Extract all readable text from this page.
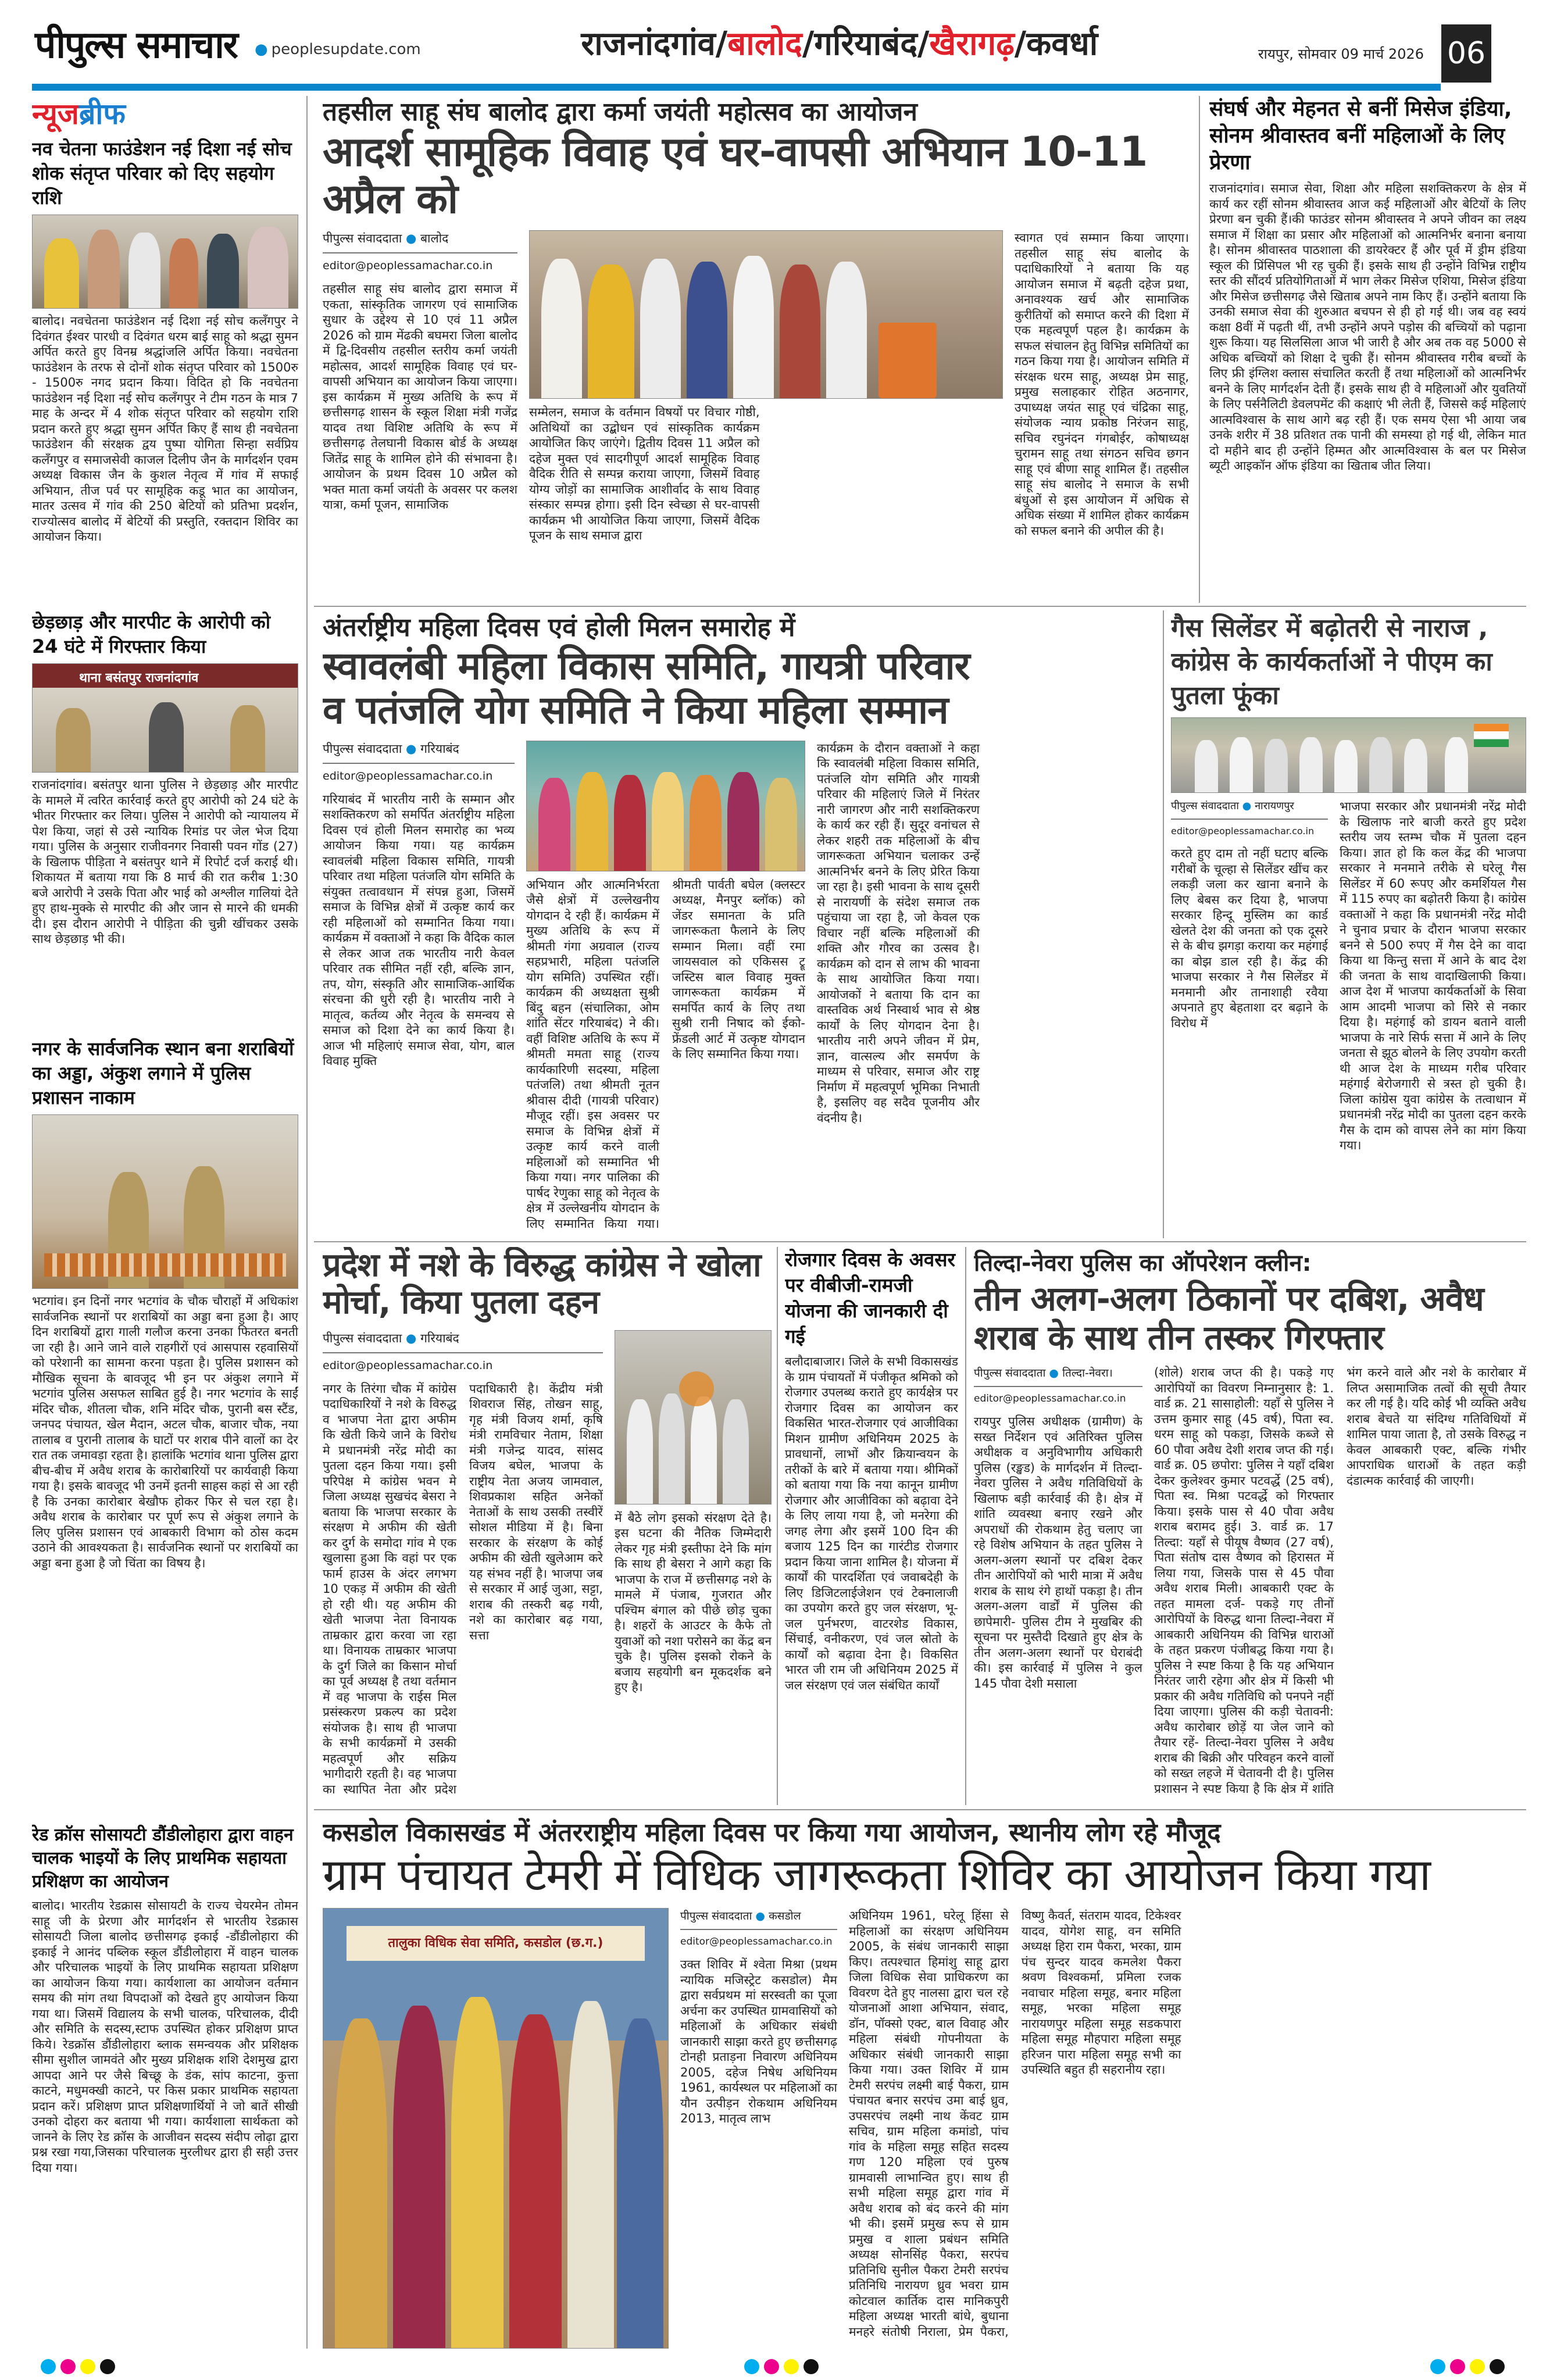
पीपुल्स समाचार ● peoplesupdate.com	राजनांदगांव/बालोद/गरियाबंद/खैरागढ़/कवर्धा	रायपुर, सोमवार 09 मार्च 2026 06
न्यूजब्रीफ
नव चेतना फाउंडेशन नई दिशा नई सोच शोक संतृप्त परिवार को दिए सहयोग राशि
बालोद। नवचेतना फाउंडेशन नई दिशा नई सोच कलँगपुर ने दिवंगत ईश्वर पारधी व दिवंगत धरम बाई साहू को श्रद्धा सुमन अर्पित करते हुए विनम्र श्रद्धांजलि अर्पित किया। नवचेतना फाउंडेशन के तरफ से दोनों शोक संतृप्त परिवार को 1500रु - 1500रु नगद प्रदान किया। विदित हो कि नवचेतना फाउंडेशन नई दिशा नई सोच कलँगपुर ने टीम गठन के मात्र 7 माह के अन्दर में 4 शोक संतृप्त परिवार को सहयोग राशि प्रदान करते हुए श्रद्धा सुमन अर्पित किए हैं साथ ही नवचेतना फाउंडेशन की संरक्षक द्वय पुष्पा योगिता सिन्हा सर्वप्रिय कलँगपुर व समाजसेवी काजल दिलीप जैन के मार्गदर्शन एवम अध्यक्ष विकास जैन के कुशल नेतृत्व में गांव में सफाई अभियान, तीज पर्व पर सामूहिक कडू भात का आयोजन, मातर उत्सव में गांव की 250 बेटियों को प्रतिभा प्रदर्शन, राज्योत्सव बालोद में बेटियों की प्रस्तुति, रक्तदान शिविर का आयोजन किया।
छेड़छाड़ और मारपीट के आरोपी को 24 घंटे में गिरफ्तार किया
थाना बसंतपुर राजनांदगांव
राजनांदगांव। बसंतपुर थाना पुलिस ने छेड़छाड़ और मारपीट के मामले में त्वरित कार्रवाई करते हुए आरोपी को 24 घंटे के भीतर गिरफ्तार कर लिया। पुलिस ने आरोपी को न्यायालय में पेश किया, जहां से उसे न्यायिक रिमांड पर जेल भेज दिया गया। पुलिस के अनुसार राजीवनगर निवासी पवन गोंड (27) के खिलाफ पीड़िता ने बसंतपुर थाने में रिपोर्ट दर्ज कराई थी। शिकायत में बताया गया कि 8 मार्च की रात करीब 1:30 बजे आरोपी ने उसके पिता और भाई को अश्लील गालियां देते हुए हाथ-मुक्के से मारपीट की और जान से मारने की धमकी दी। इस दौरान आरोपी ने पीड़िता की चुन्नी खींचकर उसके साथ छेड़छाड़ भी की।
नगर के सार्वजनिक स्थान बना शराबियों का अड्डा, अंकुश लगाने में पुलिस प्रशासन नाकाम
भटगांव। इन दिनों नगर भटगांव के चौक चौराहों में अधिकांश सार्वजनिक स्थानों पर शराबियों का अड्डा बना हुआ है। आए दिन शराबियों द्वारा गाली गलौज करना उनका फितरत बनती जा रही है। आने जाने वाले राहगीरों एवं आसपास रहवासियों को परेशानी का सामना करना पड़ता है। पुलिस प्रशासन को मौखिक सूचना के बावजूद भी इन पर अंकुश लगाने में भटगांव पुलिस असफल साबित हुई है। नगर भटगांव के साईं मंदिर चौक, शीतला चौक, शनि मंदिर चौक, पुरानी बस स्टैंड, जनपद पंचायत, खेल मैदान, अटल चौक, बाजार चौक, नया तालाब व पुरानी तालाब के घाटों पर शराब पीने वालों का देर रात तक जमावड़ा रहता है। हालांकि भटगांव थाना पुलिस द्वारा बीच-बीच में अवैध शराब के कारोबारियों पर कार्यवाही किया गया है। इसके बावजूद भी उनमें इतनी साहस कहां से आ रही है कि उनका कारोबार बेखौफ होकर फिर से चल रहा है। अवैध शराब के कारोबार पर पूर्ण रूप से अंकुश लगाने के लिए पुलिस प्रशासन एवं आबकारी विभाग को ठोस कदम उठाने की आवश्यकता है। सार्वजनिक स्थानों पर शराबियों का अड्डा बना हुआ है जो चिंता का विषय है।
रेड क्रॉस सोसायटी डौंडीलोहारा द्वारा वाहन चालक भाइयों के लिए प्राथमिक सहायता प्रशिक्षण का आयोजन
बालोद। भारतीय रेडक्रास सोसायटी के राज्य चेयरमेन तोमन साहू जी के प्रेरणा और मार्गदर्शन से भारतीय रेडक्रास सोसायटी जिला बालोद छत्तीसगढ़ इकाई -डौंडीलोहारा की इकाई ने आनंद पब्लिक स्कूल डौंडीलोहारा में वाहन चालक और परिचालक भाइयों के लिए प्राथमिक सहायता प्रशिक्षण का आयोजन किया गया। कार्यशाला का आयोजन वर्तमान समय की मांग तथा विपदाओं को देखते हुए आयोजन किया गया था। जिसमें विद्यालय के सभी चालक, परिचालक, दीदी और समिति के सदस्य,स्टाफ उपस्थित होकर प्रशिक्षण प्राप्त किये। रेडक्रॉस डौंडीलोहारा ब्लाक समन्वयक और प्रशिक्षक सीमा सुशील जामवंते और मुख्य प्रशिक्षक शशि देशमुख द्वारा आपदा आने पर जैसे बिच्छू के डंक, सांप काटना, कुत्ता काटने, मधुमक्खी काटने, पर किस प्रकार प्राथमिक सहायता प्रदान करें। प्रशिक्षण प्राप्त प्रशिक्षणार्थियों ने जो बातें सीखी उनको दोहरा कर बताया भी गया। कार्यशाला सार्थकता को जानने के लिए रेड क्रॉस के आजीवन सदस्य संदीप लोढ़ा द्वारा प्रश्न रखा गया,जिसका परिचालक मुरलीधर द्वारा ही सही उत्तर दिया गया।
तहसील साहू संघ बालोद द्वारा कर्मा जयंती महोत्सव का आयोजन
आदर्श सामूहिक विवाह एवं घर-वापसी अभियान 10-11 अप्रैल को
पीपुल्स संवाददाता ● बालोद
editor@peoplessamachar.co.in
तहसील साहू संघ बालोद द्वारा समाज में एकता, सांस्कृतिक जागरण एवं सामाजिक सुधार के उद्देश्य से 10 एवं 11 अप्रैल 2026 को ग्राम मेंढकी बघमरा जिला बालोद में द्वि-दिवसीय तहसील स्तरीय कर्मा जयंती महोत्सव, आदर्श सामूहिक विवाह एवं घर-वापसी अभियान का आयोजन किया जाएगा। इस कार्यक्रम में मुख्य अतिथि के रूप में छत्तीसगढ़ शासन के स्कूल शिक्षा मंत्री गजेंद्र यादव तथा विशिष्ट अतिथि के रूप में छत्तीसगढ़ तेलघानी विकास बोर्ड के अध्यक्ष जितेंद्र साहू के शामिल होने की संभावना है। आयोजन के प्रथम दिवस 10 अप्रैल को भक्त माता कर्मा जयंती के अवसर पर कलश यात्रा, कर्मा पूजन, सामाजिक
सम्मेलन, समाज के वर्तमान विषयों पर विचार गोष्ठी, अतिथियों का उद्बोधन एवं सांस्कृतिक कार्यक्रम आयोजित किए जाएंगे। द्वितीय दिवस 11 अप्रैल को दहेज मुक्त एवं सादगीपूर्ण आदर्श सामूहिक विवाह वैदिक रीति से सम्पन्न कराया जाएगा, जिसमें विवाह योग्य जोड़ों का सामाजिक आशीर्वाद के साथ विवाह संस्कार सम्पन्न होगा। इसी दिन स्वेच्छा से घर-वापसी कार्यक्रम भी आयोजित किया जाएगा, जिसमें वैदिक पूजन के साथ समाज द्वारा
स्वागत एवं सम्मान किया जाएगा। तहसील साहू संघ बालोद के पदाधिकारियों ने बताया कि यह आयोजन समाज में बढ़ती दहेज प्रथा, अनावश्यक खर्च और सामाजिक कुरीतियों को समाप्त करने की दिशा में एक महत्वपूर्ण पहल है। कार्यक्रम के सफल संचालन हेतु विभिन्न समितियों का गठन किया गया है। आयोजन समिति में संरक्षक धरम साहू, अध्यक्ष प्रेम साहू, प्रमुख सलाहकार रोहित अठनागर, उपाध्यक्ष जयंत साहू एवं चंद्रिका साहू, संयोजक न्याय प्रकोष्ठ निरंजन साहू, सचिव रघुनंदन गंगबोईर, कोषाध्यक्ष चुरामन साहू तथा संगठन सचिव छगन साहू एवं बीणा साहू शामिल हैं। तहसील साहू संघ बालोद ने समाज के सभी बंधुओं से इस आयोजन में अधिक से अधिक संख्या में शामिल होकर कार्यक्रम को सफल बनाने की अपील की है।
संघर्ष और मेहनत से बनीं मिसेज इंडिया, सोनम श्रीवास्तव बनीं महिलाओं के लिए प्रेरणा
राजनांदगांव। समाज सेवा, शिक्षा और महिला सशक्तिकरण के क्षेत्र में कार्य कर रहीं सोनम श्रीवास्तव आज कई महिलाओं और बेटियों के लिए प्रेरणा बन चुकी हैं।की फाउंडर सोनम श्रीवास्तव ने अपने जीवन का लक्ष्य समाज में शिक्षा का प्रसार और महिलाओं को आत्मनिर्भर बनाना बनाया है। सोनम श्रीवास्तव पाठशाला की डायरेक्टर हैं और पूर्व में ड्रीम इंडिया स्कूल की प्रिंसिपल भी रह चुकी हैं। इसके साथ ही उन्होंने विभिन्न राष्ट्रीय स्तर की सौंदर्य प्रतियोगिताओं में भाग लेकर मिसेज एशिया, मिसेज इंडिया और मिसेज छत्तीसगढ़ जैसे खिताब अपने नाम किए हैं। उन्होंने बताया कि उनकी समाज सेवा की शुरुआत बचपन से ही हो गई थी। जब वह स्वयं कक्षा 8वीं में पढ़ती थीं, तभी उन्होंने अपने पड़ोस की बच्चियों को पढ़ाना शुरू किया। यह सिलसिला आज भी जारी है और अब तक वह 5000 से अधिक बच्चियों को शिक्षा दे चुकी हैं। सोनम श्रीवास्तव गरीब बच्चों के लिए फ्री इंग्लिश क्लास संचालित करती हैं तथा महिलाओं को आत्मनिर्भर बनने के लिए मार्गदर्शन देती हैं। इसके साथ ही वे महिलाओं और युवतियों के लिए पर्सनैलिटी डेवलपमेंट की कक्षाएं भी लेती हैं, जिससे कई महिलाएं आत्मविश्वास के साथ आगे बढ़ रही हैं। एक समय ऐसा भी आया जब उनके शरीर में 38 प्रतिशत तक पानी की समस्या हो गई थी, लेकिन मात दो महीने बाद ही उन्होंने हिम्मत और आत्मविश्वास के बल पर मिसेज ब्यूटी आइकॉन ऑफ इंडिया का खिताब जीत लिया।
अंतर्राष्ट्रीय महिला दिवस एवं होली मिलन समारोह में
स्वावलंबी महिला विकास समिति, गायत्री परिवार
व पतंजलि योग समिति ने किया महिला सम्मान
पीपुल्स संवाददाता ● गरियाबंद
editor@peoplessamachar.co.in
गरियाबंद में भारतीय नारी के सम्मान और सशक्तिकरण को समर्पित अंतर्राष्ट्रीय महिला दिवस एवं होली मिलन समारोह का भव्य आयोजन किया गया। यह कार्यक्रम स्वावलंबी महिला विकास समिति, गायत्री परिवार तथा महिला पतंजलि योग समिति के संयुक्त तत्वावधान में संपन्न हुआ, जिसमें समाज के विभिन्न क्षेत्रों में उत्कृष्ट कार्य कर रही महिलाओं को सम्मानित किया गया। कार्यक्रम में वक्ताओं ने कहा कि वैदिक काल से लेकर आज तक भारतीय नारी केवल परिवार तक सीमित नहीं रही, बल्कि ज्ञान, तप, योग, संस्कृति और सामाजिक-आर्थिक संरचना की धुरी रही है। भारतीय नारी ने मातृत्व, कर्तव्य और नेतृत्व के समन्वय से समाज को दिशा देने का कार्य किया है। आज भी महिलाएं समाज सेवा, योग, बाल विवाह मुक्ति
अभियान और आत्मनिर्भरता जैसे क्षेत्रों में उल्लेखनीय योगदान दे रही हैं। कार्यक्रम में मुख्य अतिथि के रूप में श्रीमती गंगा अग्रवाल (राज्य सहप्रभारी, महिला पतंजलि योग समिति) उपस्थित रहीं। कार्यक्रम की अध्यक्षता सुश्री बिंदु बहन (संचालिका, ओम शांति सेंटर गरियाबंद) ने की। वहीं विशिष्ट अतिथि के रूप में श्रीमती ममता साहू (राज्य कार्यकारिणी सदस्या, महिला पतंजलि) तथा श्रीमती नूतन श्रीवास दीदी (गायत्री परिवार) मौजूद रहीं। इस अवसर पर समाज के विभिन्न क्षेत्रों में उत्कृष्ट कार्य करने वाली महिलाओं को सम्मानित भी किया गया। नगर पालिका की पार्षद रेणुका साहू को नेतृत्व के क्षेत्र में उल्लेखनीय योगदान के लिए सम्मानित किया गया। श्रीमती पार्वती बघेल (क्लस्टर अध्यक्ष, मैनपुर ब्लॉक) को जेंडर समानता के प्रति जागरूकता फैलाने के लिए सम्मान मिला। वहीं रमा जायसवाल को एकिसस ट्रू जस्टिस बाल विवाह मुक्त जागरूकता कार्यक्रम में समर्पित कार्य के लिए तथा सुश्री रानी निषाद को ईको-फ्रेंडली आर्ट में उत्कृष्ट योगदान के लिए सम्मानित किया गया।
कार्यक्रम के दौरान वक्ताओं ने कहा कि स्वावलंबी महिला विकास समिति, पतंजलि योग समिति और गायत्री परिवार की महिलाएं जिले में निरंतर नारी जागरण और नारी सशक्तिकरण के कार्य कर रही हैं। सुदूर वनांचल से लेकर शहरी तक महिलाओं के बीच जागरूकता अभियान चलाकर उन्हें आत्मनिर्भर बनने के लिए प्रेरित किया जा रहा है। इसी भावना के साथ दूसरी से नारायणीं के संदेश समाज तक पहुंचाया जा रहा है, जो केवल एक विचार नहीं बल्कि महिलाओं की शक्ति और गौरव का उत्सव है। कार्यक्रम को दान से लाभ की भावना के साथ आयोजित किया गया। आयोजकों ने बताया कि दान का वास्तविक अर्थ निस्वार्थ भाव से श्रेष्ठ कार्यों के लिए योगदान देना है। भारतीय नारी अपने जीवन में प्रेम, ज्ञान, वात्सल्य और समर्पण के माध्यम से परिवार, समाज और राष्ट्र निर्माण में महत्वपूर्ण भूमिका निभाती है, इसलिए वह सदैव पूजनीय और वंदनीय है।
गैस सिलेंडर में बढ़ोतरी से नाराज , कांग्रेस के कार्यकर्ताओं ने पीएम का पुतला फूंका
पीपुल्स संवाददाता ● नारायणपुर
editor@peoplessamachar.co.in
करते हुए दाम तो नहीं घटाए बल्कि गरीबों के चूल्हा से सिलेंडर खींच कर लकड़ी जला कर खाना बनाने के लिए बेबस कर दिया है, भाजपा सरकार हिन्दू मुस्लिम का कार्ड खेलते देश की जनता को एक दूसरे से के बीच झगड़ा कराया कर महंगाई का बोझ डाल रही है। केंद्र की भाजपा सरकार ने गैस सिलेंडर में मनमानी और तानाशाही रवैया अपनाते हुए बेहताशा दर बढ़ाने के विरोध में
भाजपा सरकार और प्रधानमंत्री नरेंद्र मोदी के खिलाफ नारे बाजी करते हुए प्रदेश स्तरीय जय स्तम्भ चौक में पुतला दहन किया। ज्ञात हो कि कल केंद्र की भाजपा सरकार ने मनमाने तरीके से घरेलू गैस सिलेंडर में 60 रूपए और कमर्शियल गैस में 115 रुपए का बढ़ोतरी किया है। कांग्रेस वक्ताओं ने कहा कि प्रधानमंत्री नरेंद्र मोदी ने चुनाव प्रचार के दौरान भाजपा सरकार बनने से 500 रुपए में गैस देने का वादा किया था किन्तु सत्ता में आने के बाद देश की जनता के साथ वादाखिलाफी किया। आज देश में भाजपा कार्यकर्ताओं के सिवा आम आदमी भाजपा को सिरे से नकार दिया है। महंगाई को डायन बताने वाली भाजपा के नारे सिर्फ सत्ता में आने के लिए जनता से झूठ बोलने के लिए उपयोग करती थी आज देश के माध्यम गरीब परिवार महंगाई बेरोजगारी से त्रस्त हो चुकी है। जिला कांग्रेस युवा कांग्रेस के तत्वाधान में प्रधानमंत्री नरेंद्र मोदी का पुतला दहन करके गैस के दाम को वापस लेने का मांग किया गया।
प्रदेश में नशे के विरुद्ध कांग्रेस ने खोला मोर्चा, किया पुतला दहन
पीपुल्स संवाददाता ● गरियाबंद
editor@peoplessamachar.co.in
नगर के तिरंगा चौक में कांग्रेस पदाधिकारियों ने नशे के विरुद्ध व भाजपा नेता द्वारा अफीम कि खेती किये जाने के विरोध मे प्रधानमंत्री नरेंद्र मोदी का पुतला दहन किया गया। इसी परिपेक्ष मे कांग्रेस भवन मे जिला अध्यक्ष सुखचंद बेसरा ने बताया कि भाजपा सरकार के संरक्षण मे अफीम की खेती कर दुर्ग के समोदा गांव मे एक खुलासा हुआ कि वहां पर एक फार्म हाउस के अंदर लगभग 10 एकड़ में अफीम की खेती हो रही थी। यह अफीम की खेती भाजपा नेता विनायक ताम्रकार द्वारा करवा जा रहा था। विनायक ताम्रकार भाजपा के दुर्ग जिले का किसान मोर्चा का पूर्व अध्यक्ष है तथा वर्तमान में वह भाजपा के राईस मिल प्रसंस्करण प्रकल्प का प्रदेश संयोजक है। साथ ही भाजपा के सभी कार्यक्रमों मे उसकी महत्वपूर्ण और सक्रिय भागीदारी रहती है। वह भाजपा का स्थापित नेता और प्रदेश पदाधिकारी है। केंद्रीय मंत्री शिवराज सिंह, तोखन साहू, गृह मंत्री विजय शर्मा, कृषि मंत्री रामविचार नेताम, शिक्षा मंत्री गजेन्द्र यादव, सांसद विजय बघेल, भाजपा के राष्ट्रीय नेता अजय जामवाल, शिवप्रकाश सहित अनेकों नेताओं के साथ उसकी तस्वीरें सोशल मीडिया में है। बिना सरकार के संरक्षण के कोई अफीम की खेती खुलेआम करे यह संभव नहीं है। भाजपा जब से सरकार में आई जुआ, सट्टा, शराब की तस्करी बढ़ गयी, नशे का कारोबार बढ़ गया, सत्ता
में बैठे लोग इसको संरक्षण देते है। इस घटना की नैतिक जिम्मेदारी लेकर गृह मंत्री इस्तीफा देने कि मांग कि साथ ही बेसरा ने आगे कहा कि भाजपा के राज में छत्तीसगढ़ नशे के मामले में पंजाब, गुजरात और पश्चिम बंगाल को पीछे छोड़ चुका है। शहरों के आउटर के कैफे तो युवाओं को नशा परोसने का केंद्र बन चुके है। पुलिस इसको रोकने के बजाय सहयोगी बन मूकदर्शक बने हुए है।
रोजगार दिवस के अवसर पर वीबीजी-रामजी योजना की जानकारी दी गई
बलौदाबाजार। जिले के सभी विकासखंड के ग्राम पंचायतों में पंजीकृत श्रमिको को रोजगार उपलब्ध कराते हुए कार्यक्षेत्र पर रोजगार दिवस का आयोजन कर विकसित भारत-रोजगार एवं आजीविका मिशन ग्रामीण अधिनियम 2025 के प्रावधानों, लाभों और क्रियान्वयन के तरीकों के बारे में बताया गया। श्रीमिकों को बताया गया कि नया कानून ग्रामीण रोजगार और आजीविका को बढ़ावा देने के लिए लाया गया है, जो मनरेगा की जगह लेगा और इसमें 100 दिन की बजाय 125 दिन का गारंटीड रोजगार प्रदान किया जाना शामिल है। योजना में कार्यों की पारदर्शिता एवं जवाबदेही के लिए डिजिटलाईजेशन एवं टेक्नालाजी का उपयोग करते हुए जल संरक्षण, भू-जल पुर्नभरण, वाटरशेड विकास, सिंचाई, वनीकरण, एवं जल स्रोतो के कार्यों को बढ़ावा देना है। विकसित भारत जी राम जी अधिनियम 2025 में जल संरक्षण एवं जल संबंधित कार्यों
तिल्दा-नेवरा पुलिस का ऑपरेशन क्लीन:
तीन अलग-अलग ठिकानों पर दबिश, अवैध शराब के साथ तीन तस्कर गिरफ्तार
पीपुल्स संवाददाता ● तिल्दा-नेवरा।
editor@peoplessamachar.co.in
रायपुर पुलिस अधीक्षक (ग्रामीण) के सख्त निर्देशन एवं अतिरिक्त पुलिस अधीक्षक व अनुविभागीय अधिकारी पुलिस (रङ्खड) के मार्गदर्शन में तिल्दा-नेवरा पुलिस ने अवैध गतिविधियों के खिलाफ बड़ी कार्रवाई की है। क्षेत्र में शांति व्यवस्था बनाए रखने और अपराधों की रोकथाम हेतु चलाए जा रहे विशेष अभियान के तहत पुलिस ने अलग-अलग स्थानों पर दबिश देकर तीन आरोपियों को भारी मात्रा में अवैध शराब के साथ रंगे हाथों पकड़ा है। तीन अलग-अलग वार्डों में पुलिस की छापेमारी- पुलिस टीम ने मुखबिर की सूचना पर मुस्तैदी दिखाते हुए क्षेत्र के तीन अलग-अलग स्थानों पर घेराबंदी की। इस कार्रवाई में पुलिस ने कुल 145 पौवा देशी मसाला
(शोले) शराब जप्त की है। पकड़े गए आरोपियों का विवरण निम्नानुसार है: 1. वार्ड क्र. 21 सासाहोली: यहाँ से पुलिस ने उत्तम कुमार साहू (45 वर्ष), पिता स्व. धरम साहू को पकड़ा, जिसके कब्जे से 60 पौवा अवैध देशी शराब जप्त की गई। वार्ड क्र. 05 छपोरा: पुलिस ने यहाँ दबिश देकर कुलेश्वर कुमार पटवर्द्धे (25 वर्ष), पिता स्व. मिश्रा पटवर्द्धे को गिरफ्तार किया। इसके पास से 40 पौवा अवैध शराब बरामद हुई। 3. वार्ड क्र. 17 तिल्दा: यहाँ से पीयूष वैष्णव (27 वर्ष), पिता संतोष दास वैष्णव को हिरासत में लिया गया, जिसके पास से 45 पौवा अवैध शराब मिली। आबकारी एक्ट के तहत मामला दर्ज- पकड़े गए तीनों आरोपियों के विरुद्ध थाना तिल्दा-नेवरा में आबकारी अधिनियम की विभिन्न धाराओं के तहत प्रकरण पंजीबद्ध किया गया है। पुलिस ने स्पष्ट किया है कि यह अभियान निरंतर जारी रहेगा और क्षेत्र में किसी भी प्रकार की अवैध गतिविधि को पनपने नहीं दिया जाएगा। पुलिस की कड़ी चेतावनी: अवैध कारोबार छोड़ें या जेल जाने को तैयार रहें- तिल्दा-नेवरा पुलिस ने अवैध शराब की बिक्री और परिवहन करने वालों को सख्त लहजे में चेतावनी दी है। पुलिस प्रशासन ने स्पष्ट किया है कि क्षेत्र में शांति भंग करने वाले और नशे के कारोबार में लिप्त असामाजिक तत्वों की सूची तैयार कर ली गई है। यदि कोई भी व्यक्ति अवैध शराब बेचते या संदिग्ध गतिविधियों में शामिल पाया जाता है, तो उसके विरुद्ध न केवल आबकारी एक्ट, बल्कि गंभीर आपराधिक धाराओं के तहत कड़ी दंडात्मक कार्रवाई की जाएगी।
कसडोल विकासखंड में अंतरराष्ट्रीय महिला दिवस पर किया गया आयोजन, स्थानीय लोग रहे मौजूद
ग्राम पंचायत टेमरी में विधिक जागरूकता शिविर का आयोजन किया गया
तालुका विधिक सेवा समिति, कसडोल (छ.ग.)
पीपुल्स संवाददाता ● कसडोल
editor@peoplessamachar.co.in
उक्त शिविर में श्वेता मिश्रा (प्रथम न्यायिक मजिस्ट्रेट कसडोल) मैम द्वारा सर्वप्रथम मां सरस्वती का पूजा अर्चना कर उपस्थित ग्रामवासियों को महिलाओं के अधिकार संबंधी जानकारी साझा करते हुए छत्तीसगढ़ टोनही प्रताड़ना निवारण अधिनियम 2005, दहेज निषेध अधिनियम 1961, कार्यस्थल पर महिलाओं का यौन उत्पीड़न रोकथाम अधिनियम 2013, मातृत्व लाभ
अधिनियम 1961, घरेलू हिंसा से महिलाओं का संरक्षण अधिनियम 2005, के संबंध जानकारी साझा किए। तत्पश्चात हिमांशु साहू द्वारा जिला विधिक सेवा प्राधिकरण का विवरण देते हुए नालसा द्वारा चल रहे योजनाओं आशा अभियान, संवाद, डॉन, पॉक्सो एक्ट, बाल विवाह और महिला संबंधी गोपनीयता के अधिकार संबंधी जानकारी साझा किया गया। उक्त शिविर में ग्राम टेमरी सरपंच लक्ष्मी बाई पैकरा, ग्राम पंचायत बनार सरपंच उमा बाई ध्रुव, उपसरपंच लक्ष्मी नाथ केंवट ग्राम सचिव, ग्राम महिला कमांडो, पांच गांव के महिला समूह सहित सदस्य गण 120 महिला एवं पुरुष ग्रामवासी लाभान्वित हुए। साथ ही सभी महिला समूह द्वारा गांव में अवैध शराब को बंद करने की मांग भी की। इसमें प्रमुख रूप से ग्राम प्रमुख व शाला प्रबंधन समिति अध्यक्ष सोनसिंह पैकरा, सरपंच प्रतिनिधि सुनील पैकरा टेमरी सरपंच प्रतिनिधि नारायण ध्रुव भवरा ग्राम कोटवाल कार्तिक दास मानिकपुरी महिला अध्यक्ष भारती बांधे, बुधाना मनहरे संतोषी निराला, प्रेम पैकरा, विष्णु कैवर्त, संतराम यादव, टिकेश्वर यादव, योगेश साहू, वन समिति अध्यक्ष हिरा राम पैकरा, भरका, ग्राम पंच सुन्दर यादव कमलेश पैकरा श्रवण विश्वकर्मा, प्रमिला रजक नवाचार महिला समूह, बनार महिला समूह, भरका महिला समूह नारायणपुर महिला समूह सडकपारा महिला समूह मौहपारा महिला समूह हरिजन पारा महिला समूह सभी का उपस्थिति बहुत ही सहरानीय रहा।
